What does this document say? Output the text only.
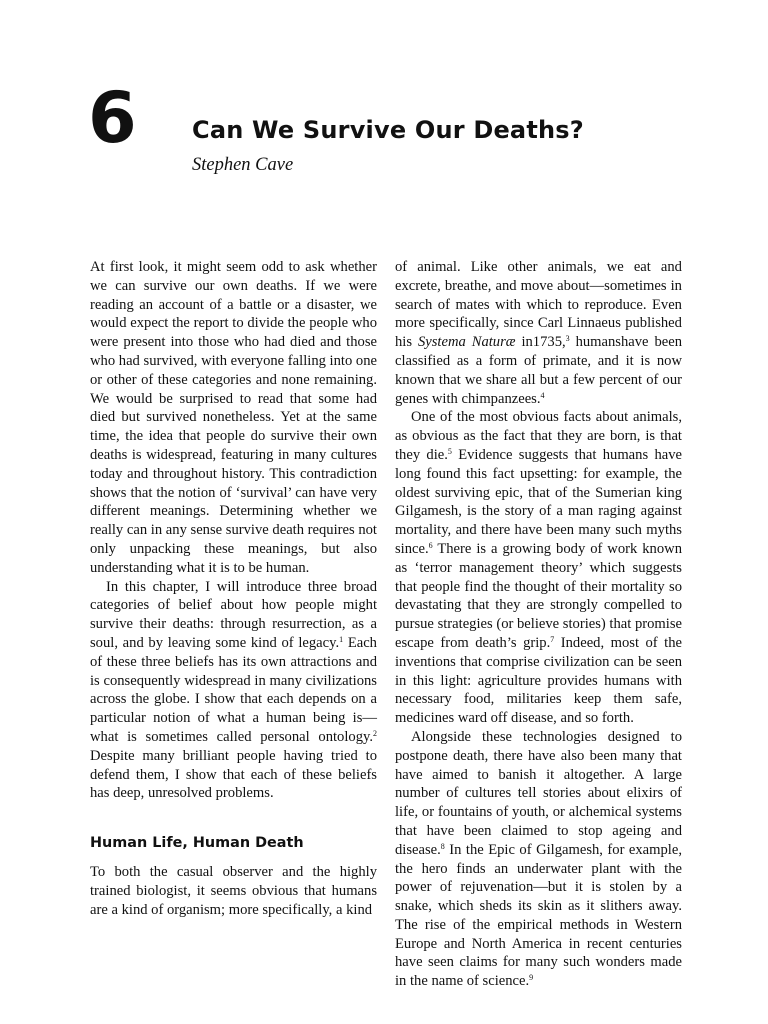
6 Can We Survive Our Deaths?
Stephen Cave

At first look, it might seem odd to ask whether we can survive our own deaths. If we were reading an account of a battle or a disaster, we would expect the report to divide the people who were present into those who had died and those who had survived, with everyone falling into one or other of these categories and none remaining. We would be surprised to read that some had died but survived nonetheless. Yet at the same time, the idea that people do survive their own deaths is widespread, featuring in many cultures today and throughout history. This contradiction shows that the notion of ‘survival’ can have very different meanings. Determining whether we really can in any sense survive death requires not only unpacking these meanings, but also understanding what it is to be human.

In this chapter, I will introduce three broad categories of belief about how people might survive their deaths: through resurrection, as a soul, and by leaving some kind of legacy.$^1$ Each of these three beliefs has its own attractions and is consequently widespread in many civilizations across the globe. I show that each depends on a particular notion of what a human being is—what is sometimes called personal ontology.$^2$ Despite many brilliant people having tried to defend them, I show that each of these beliefs has deep, unresolved problems.

Human Life, Human Death

To both the casual observer and the highly trained biologist, it seems obvious that humans are a kind of organism; more specifically, a kind

of animal. Like other animals, we eat and excrete, breathe, and move about—sometimes in search of mates with which to reproduce. Even more specifically, since Carl Linnaeus published his Systema Naturæ in1735,$^3$ humanshave been classified as a form of primate, and it is now known that we share all but a few percent of our genes with chimpanzees.$^4$

One of the most obvious facts about animals, as obvious as the fact that they are born, is that they die.$^5$ Evidence suggests that humans have long found this fact upsetting: for example, the oldest surviving epic, that of the Sumerian king Gilgamesh, is the story of a man raging against mortality, and there have been many such myths since.$^6$ There is a growing body of work known as ‘terror management theory’ which suggests that people find the thought of their mortality so devastating that they are strongly compelled to pursue strategies (or believe stories) that promise escape from death’s grip.$^7$ Indeed, most of the inventions that comprise civilization can be seen in this light: agriculture provides humans with necessary food, militaries keep them safe, medicines ward off disease, and so forth.

Alongside these technologies designed to postpone death, there have also been many that have aimed to banish it altogether. A large number of cultures tell stories about elixirs of life, or fountains of youth, or alchemical systems that have been claimed to stop ageing and disease.$^8$ In the Epic of Gilgamesh, for example, the hero finds an underwater plant with the power of rejuvenation—but it is stolen by a snake, which sheds its skin as it slithers away. The rise of the empirical methods in Western Europe and North America in recent centuries have seen claims for many such wonders made in the name of science.$^9$
